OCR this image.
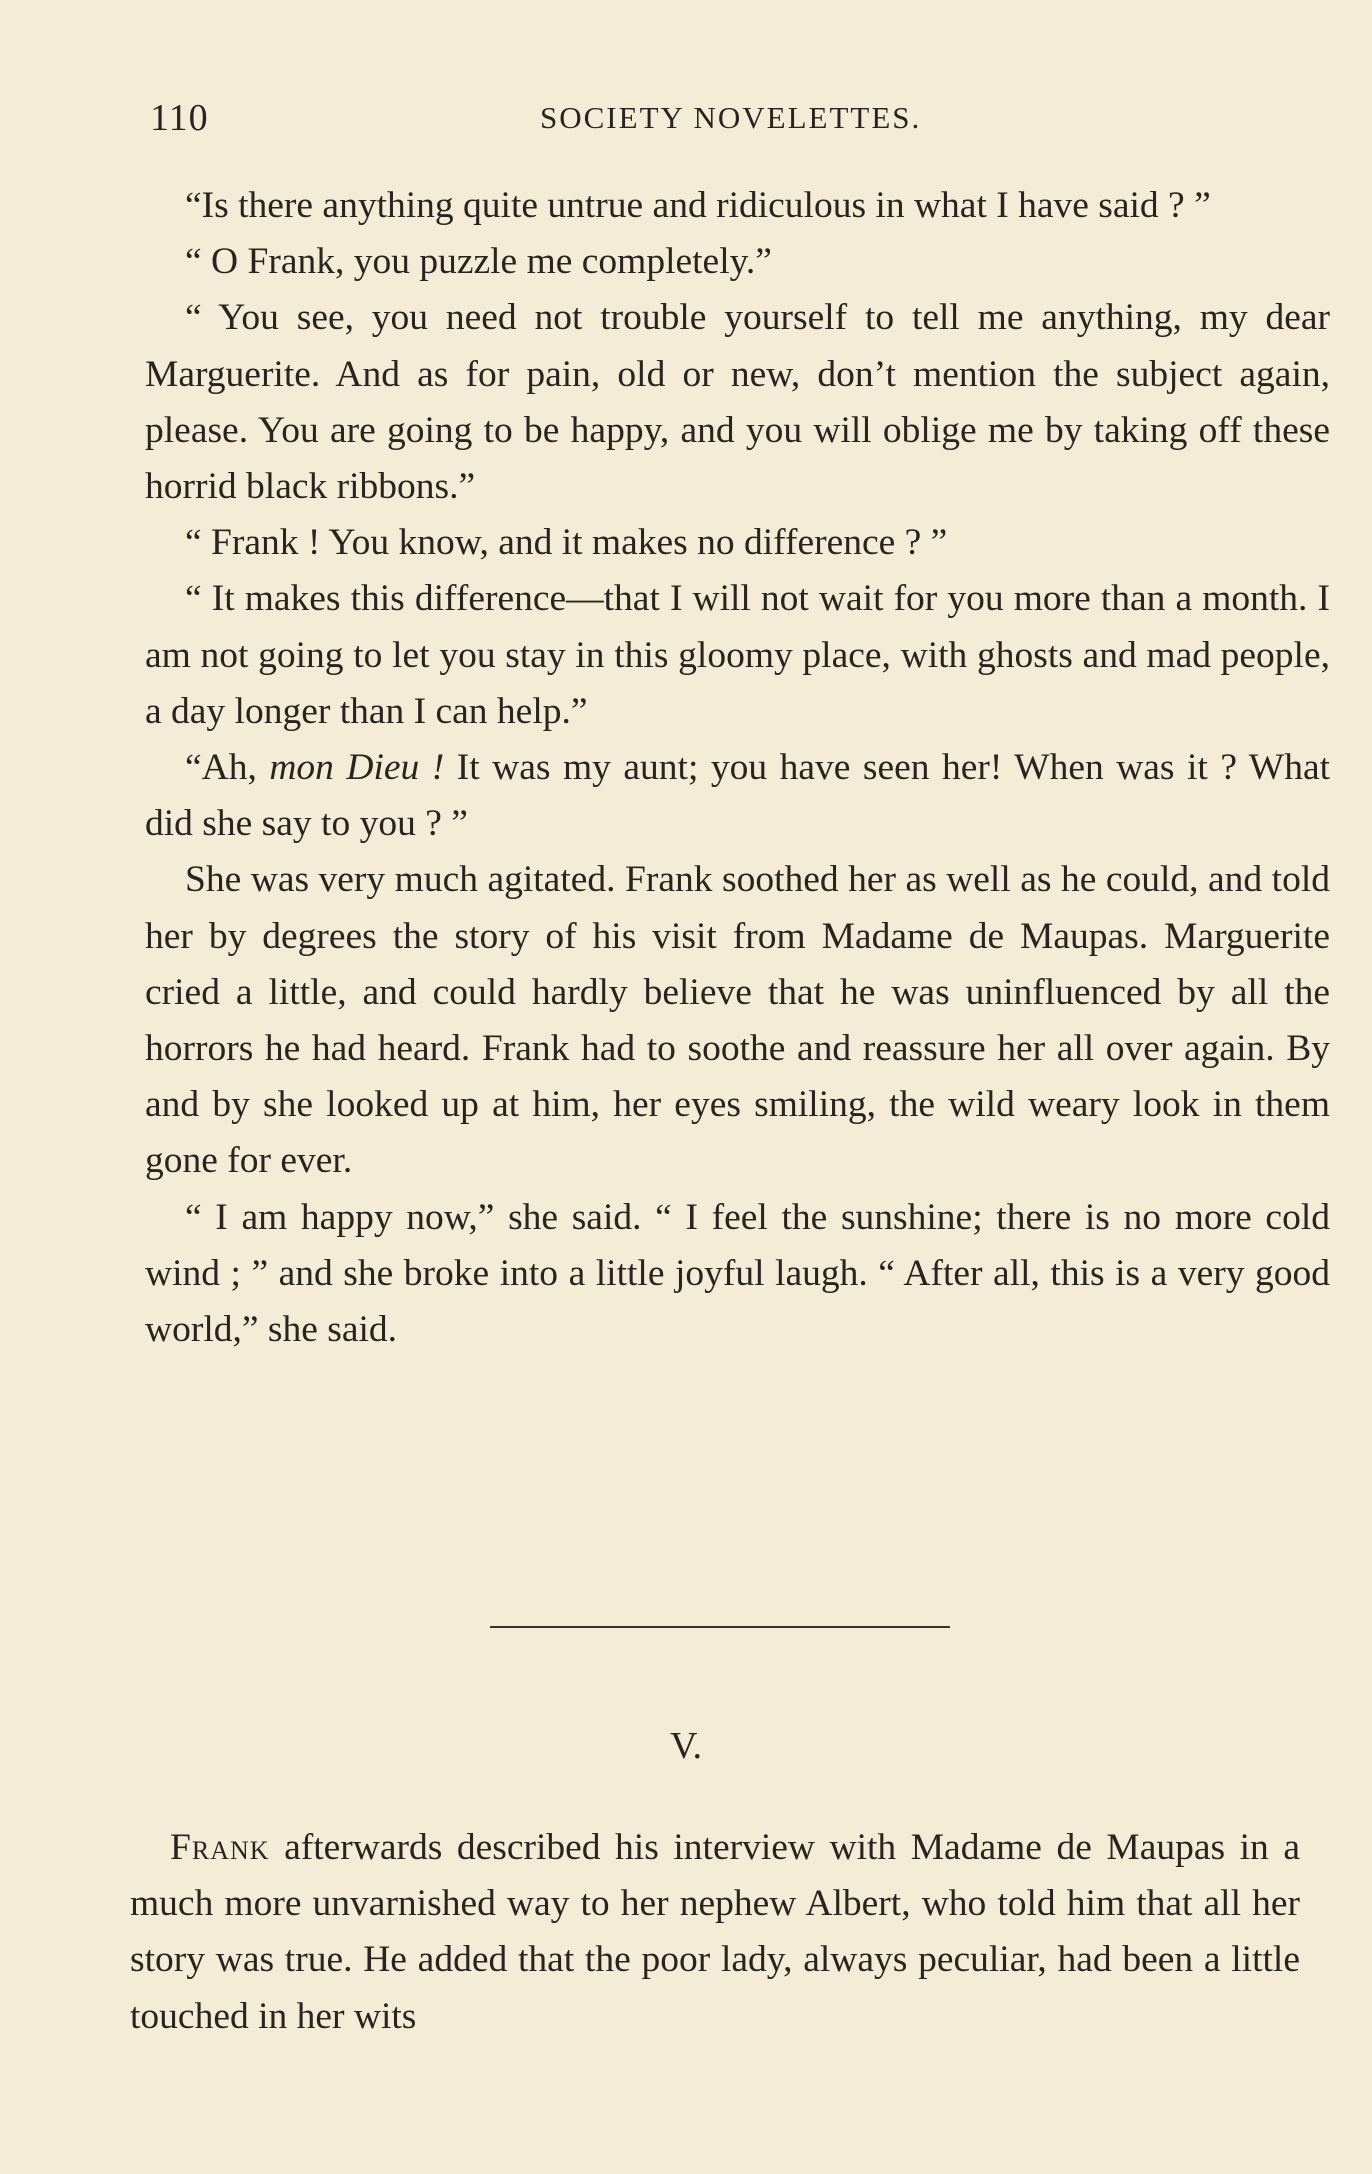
110	SOCIETY NOVELETTES.

“Is there anything quite untrue and ridiculous in what I have said ? ”

“ O Frank, you puzzle me completely.”

“ You see, you need not trouble yourself to tell me anything, my dear Marguerite. And as for pain, old or new, don’t mention the subject again, please. You are going to be happy, and you will oblige me by taking off these horrid black ribbons.”

“ Frank ! You know, and it makes no difference ? ”

“ It makes this difference—that I will not wait for you more than a month. I am not going to let you stay in this gloomy place, with ghosts and mad people, a day longer than I can help.”

“Ah, mon Dieu ! It was my aunt; you have seen her! When was it ? What did she say to you ? ”

She was very much agitated. Frank soothed her as well as he could, and told her by degrees the story of his visit from Madame de Maupas. Marguerite cried a little, and could hardly believe that he was uninfluenced by all the horrors he had heard. Frank had to soothe and reassure her all over again. By and by she looked up at him, her eyes smiling, the wild weary look in them gone for ever.

“ I am happy now,” she said. “ I feel the sunshine; there is no more cold wind ; ” and she broke into a little joyful laugh. “ After all, this is a very good world,” she said.

V.

Frank afterwards described his interview with Madame de Maupas in a much more unvarnished way to her nephew Albert, who told him that all her story was true. He added that the poor lady, always peculiar, had been a little touched in her wits
